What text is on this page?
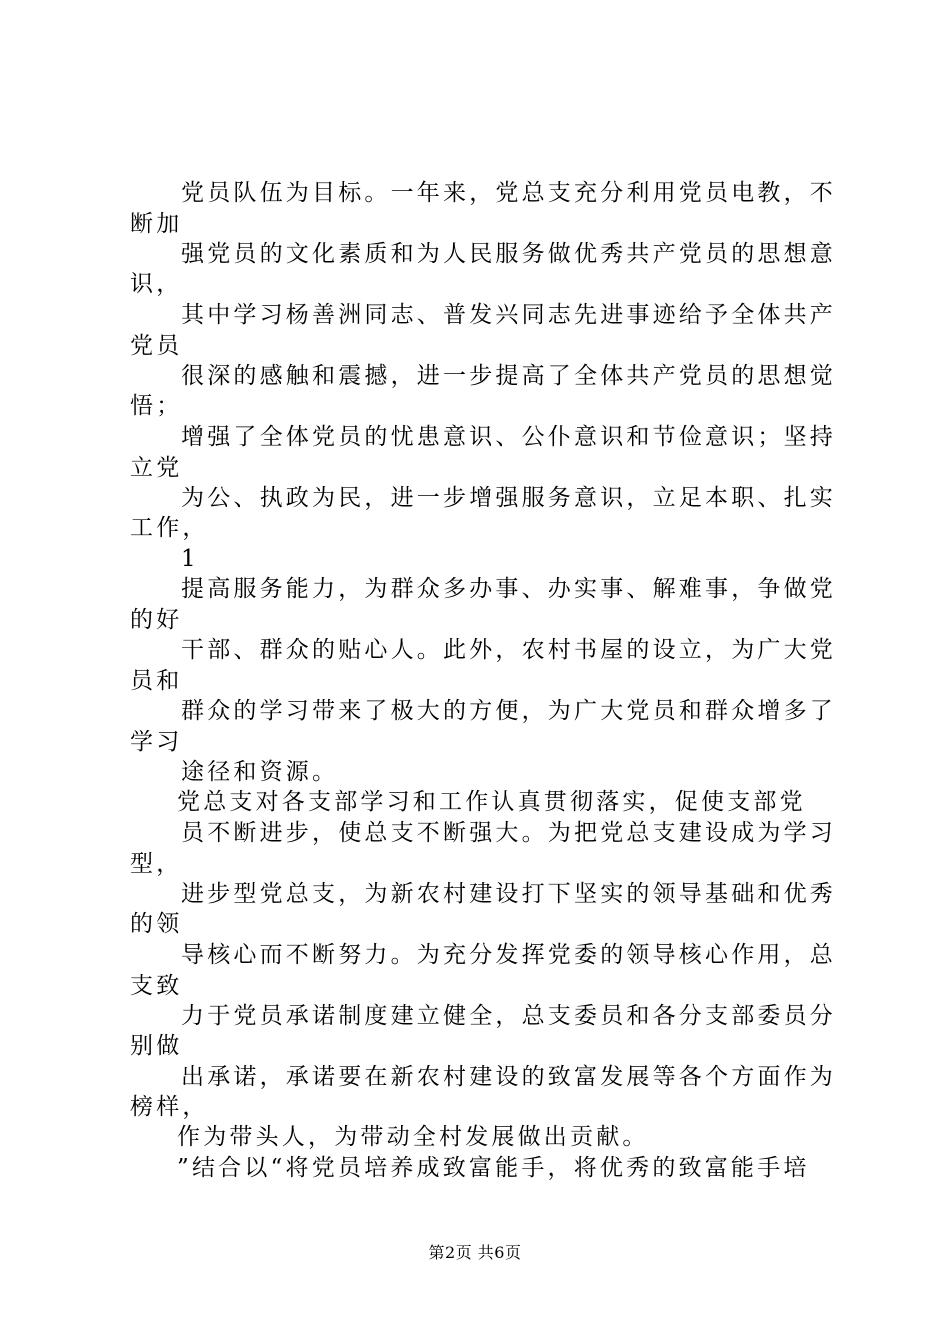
党员队伍为目标。一年来，党总支充分利用党员电教，不
断加
强党员的文化素质和为人民服务做优秀共产党员的思想意
识，
其中学习杨善洲同志、普发兴同志先进事迹给予全体共产
党员
很深的感触和震撼，进一步提高了全体共产党员的思想觉
悟；
增强了全体党员的忧患意识、公仆意识和节俭意识；坚持
立党
为公、执政为民，进一步增强服务意识，立足本职、扎实
工作，
1
提高服务能力，为群众多办事、办实事、解难事，争做党
的好
干部、群众的贴心人。此外，农村书屋的设立，为广大党
员和
群众的学习带来了极大的方便，为广大党员和群众增多了
学习
途径和资源。
党总支对各支部学习和工作认真贯彻落实，促使支部党
员不断进步，使总支不断强大。为把党总支建设成为学习
型，
进步型党总支，为新农村建设打下坚实的领导基础和优秀
的领
导核心而不断努力。为充分发挥党委的领导核心作用，总
支致
力于党员承诺制度建立健全，总支委员和各分支部委员分
别做
出承诺，承诺要在新农村建设的致富发展等各个方面作为
榜样，
作为带头人，为带动全村发展做出贡献。
”结合以“将党员培养成致富能手，将优秀的致富能手培
第2页 共6页
